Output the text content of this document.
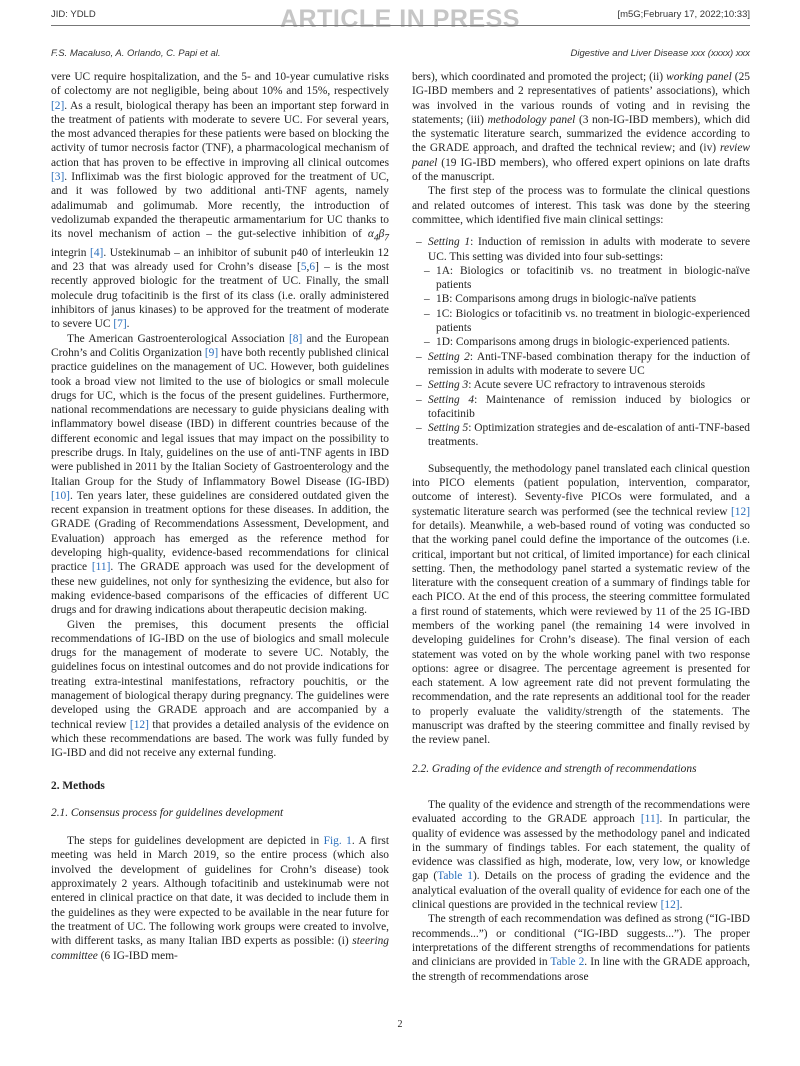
ARTICLE IN PRESS
JID: YDLD	[m5G;February 17, 2022;10:33]
F.S. Macaluso, A. Orlando, C. Papi et al.	Digestive and Liver Disease xxx (xxxx) xxx

vere UC require hospitalization, and the 5- and 10-year cumulative risks of colectomy are not negligible, being about 10% and 15%, respectively [2]. As a result, biological therapy has been an important step forward in the treatment of patients with moderate to severe UC. For several years, the most advanced therapies for these patients were based on blocking the activity of tumor necrosis factor (TNF), a pharmacological mechanism of action that has proven to be effective in improving all clinical outcomes [3]. Infliximab was the first biologic approved for the treatment of UC, and it was followed by two additional anti-TNF agents, namely adalimumab and golimumab. More recently, the introduction of vedolizumab expanded the therapeutic armamentarium for UC thanks to its novel mechanism of action – the gut-selective inhibition of $\alpha_4\beta_7$ integrin [4]. Ustekinumab – an inhibitor of subunit p40 of interleukin 12 and 23 that was already used for Crohn’s disease [5,6] – is the most recently approved biologic for the treatment of UC. Finally, the small molecule drug tofacitinib is the first of its class (i.e. orally administered inhibitors of janus kinases) to be approved for the treatment of moderate to severe UC [7].

The American Gastroenterological Association [8] and the European Crohn’s and Colitis Organization [9] have both recently published clinical practice guidelines on the management of UC. However, both guidelines took a broad view not limited to the use of biologics or small molecule drugs for UC, which is the focus of the present guidelines. Furthermore, national recommendations are necessary to guide physicians dealing with inflammatory bowel disease (IBD) in different countries because of the different economic and legal issues that may impact on the possibility to prescribe drugs. In Italy, guidelines on the use of anti-TNF agents in IBD were published in 2011 by the Italian Society of Gastroenterology and the Italian Group for the Study of Inflammatory Bowel Disease (IG-IBD) [10]. Ten years later, these guidelines are considered outdated given the recent expansion in treatment options for these diseases. In addition, the GRADE (Grading of Recommendations Assessment, Development, and Evaluation) approach has emerged as the reference method for developing high-quality, evidence-based recommendations for clinical practice [11]. The GRADE approach was used for the development of these new guidelines, not only for synthesizing the evidence, but also for making evidence-based comparisons of the efficacies of different UC drugs and for drawing indications about therapeutic decision making.

Given the premises, this document presents the official recommendations of IG-IBD on the use of biologics and small molecule drugs for the management of moderate to severe UC. Notably, the guidelines focus on intestinal outcomes and do not provide indications for treating extra-intestinal manifestations, refractory pouchitis, or the management of biological therapy during pregnancy. The guidelines were developed using the GRADE approach and are accompanied by a technical review [12] that provides a detailed analysis of the evidence on which these recommendations are based. The work was fully funded by IG-IBD and did not receive any external funding.

2. Methods
2.1. Consensus process for guidelines development

The steps for guidelines development are depicted in Fig. 1. A first meeting was held in March 2019, so the entire process (which also involved the development of guidelines for Crohn’s disease) took approximately 2 years. Although tofacitinib and ustekinumab were not entered in clinical practice on that date, it was decided to include them in the guidelines as they were expected to be available in the near future for the treatment of UC. The following work groups were created to involve, with different tasks, as many Italian IBD experts as possible: (i) steering committee (6 IG-IBD mem-

bers), which coordinated and promoted the project; (ii) working panel (25 IG-IBD members and 2 representatives of patients’ associations), which was involved in the various rounds of voting and in revising the statements; (iii) methodology panel (3 non-IG-IBD members), which did the systematic literature search, summarized the evidence according to the GRADE approach, and drafted the technical review; and (iv) review panel (19 IG-IBD members), who offered expert opinions on late drafts of the manuscript.

The first step of the process was to formulate the clinical questions and related outcomes of interest. This task was done by the steering committee, which identified five main clinical settings:

– Setting 1: Induction of remission in adults with moderate to severe UC. This setting was divided into four sub-settings:
– 1A: Biologics or tofacitinib vs. no treatment in biologic-naïve patients
– 1B: Comparisons among drugs in biologic-naïve patients
– 1C: Biologics or tofacitinib vs. no treatment in biologic-experienced patients
– 1D: Comparisons among drugs in biologic-experienced patients.
– Setting 2: Anti-TNF-based combination therapy for the induction of remission in adults with moderate to severe UC
– Setting 3: Acute severe UC refractory to intravenous steroids
– Setting 4: Maintenance of remission induced by biologics or tofacitinib
– Setting 5: Optimization strategies and de-escalation of anti-TNF-based treatments.

Subsequently, the methodology panel translated each clinical question into PICO elements (patient population, intervention, comparator, outcome of interest). Seventy-five PICOs were formulated, and a systematic literature search was performed (see the technical review [12] for details). Meanwhile, a web-based round of voting was conducted so that the working panel could define the importance of the outcomes (i.e. critical, important but not critical, of limited importance) for each clinical setting. Then, the methodology panel started a systematic review of the literature with the consequent creation of a summary of findings table for each PICO. At the end of this process, the steering committee formulated a first round of statements, which were reviewed by 11 of the 25 IG-IBD members of the working panel (the remaining 14 were involved in developing guidelines for Crohn’s disease). The final version of each statement was voted on by the whole working panel with two response options: agree or disagree. The percentage agreement is presented for each statement. A low agreement rate did not prevent formulating the recommendation, and the rate represents an additional tool for the reader to properly evaluate the validity/strength of the statements. The manuscript was drafted by the steering committee and finally revised by the review panel.

2.2. Grading of the evidence and strength of recommendations

The quality of the evidence and strength of the recommendations were evaluated according to the GRADE approach [11]. In particular, the quality of evidence was assessed by the methodology panel and indicated in the summary of findings tables. For each statement, the quality of evidence was classified as high, moderate, low, very low, or knowledge gap (Table 1). Details on the process of grading the evidence and the analytical evaluation of the overall quality of evidence for each one of the clinical questions are provided in the technical review [12].

The strength of each recommendation was defined as strong (“IG-IBD recommends...”) or conditional (“IG-IBD suggests...”). The proper interpretations of the different strengths of recommendations for patients and clinicians are provided in Table 2. In line with the GRADE approach, the strength of recommendations arose

2
